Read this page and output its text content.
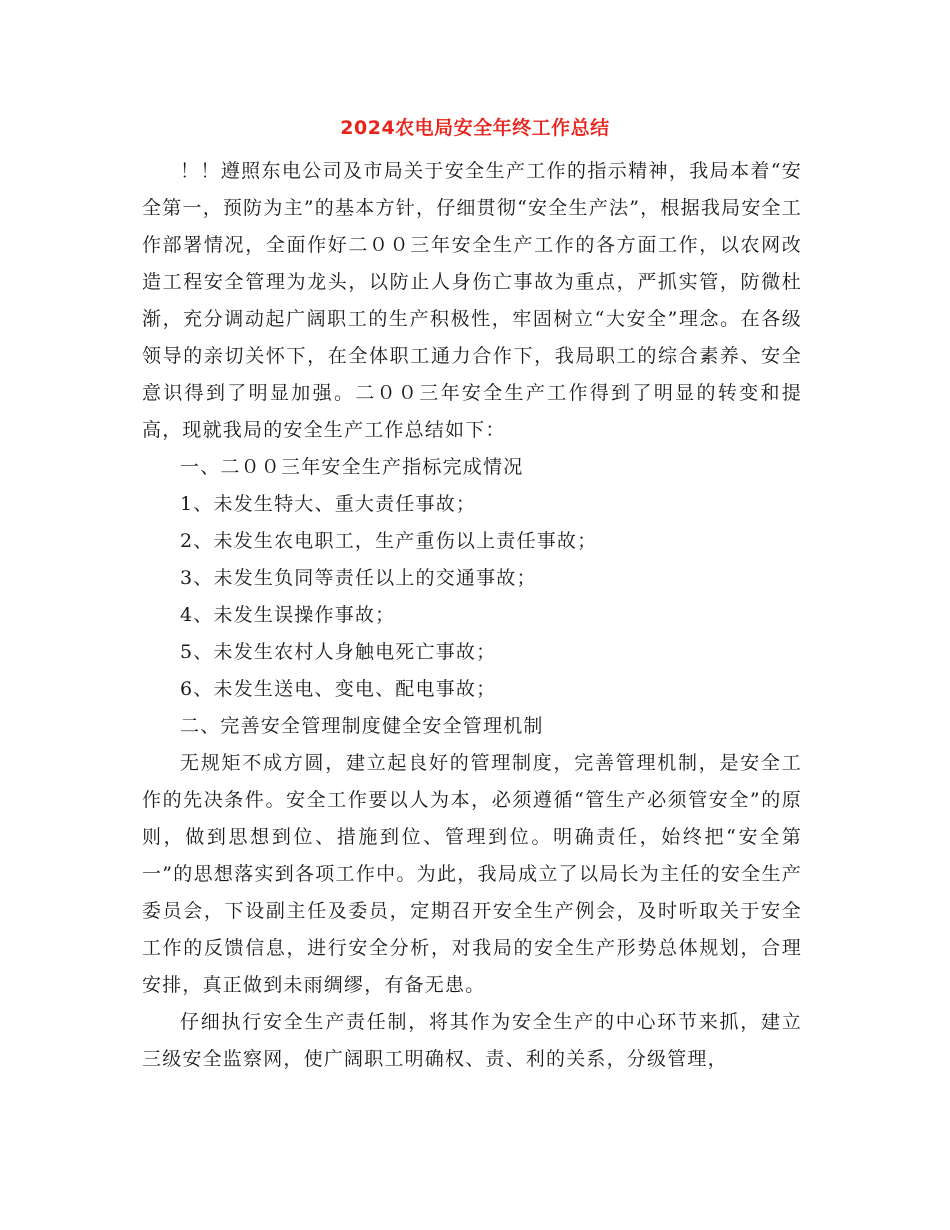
2024农电局安全年终工作总结

！！遵照东电公司及市局关于安全生产工作的指示精神，我局本着“安全第一，预防为主”的基本方针，仔细贯彻“安全生产法”，根据我局安全工作部署情况，全面作好二００三年安全生产工作的各方面工作，以农网改造工程安全管理为龙头，以防止人身伤亡事故为重点，严抓实管，防微杜渐，充分调动起广阔职工的生产积极性，牢固树立“大安全”理念。在各级领导的亲切关怀下，在全体职工通力合作下，我局职工的综合素养、安全意识得到了明显加强。二００三年安全生产工作得到了明显的转变和提高，现就我局的安全生产工作总结如下：

一、二００三年安全生产指标完成情况

1、未发生特大、重大责任事故；

2、未发生农电职工，生产重伤以上责任事故；

3、未发生负同等责任以上的交通事故；

4、未发生误操作事故；

5、未发生农村人身触电死亡事故；

6、未发生送电、变电、配电事故；

二、完善安全管理制度健全安全管理机制

无规矩不成方圆，建立起良好的管理制度，完善管理机制，是安全工作的先决条件。安全工作要以人为本，必须遵循“管生产必须管安全”的原则，做到思想到位、措施到位、管理到位。明确责任，始终把“安全第一”的思想落实到各项工作中。为此，我局成立了以局长为主任的安全生产委员会，下设副主任及委员，定期召开安全生产例会，及时听取关于安全工作的反馈信息，进行安全分析，对我局的安全生产形势总体规划，合理安排，真正做到未雨绸缪，有备无患。

仔细执行安全生产责任制，将其作为安全生产的中心环节来抓，建立三级安全监察网，使广阔职工明确权、责、利的关系，分级管理，
